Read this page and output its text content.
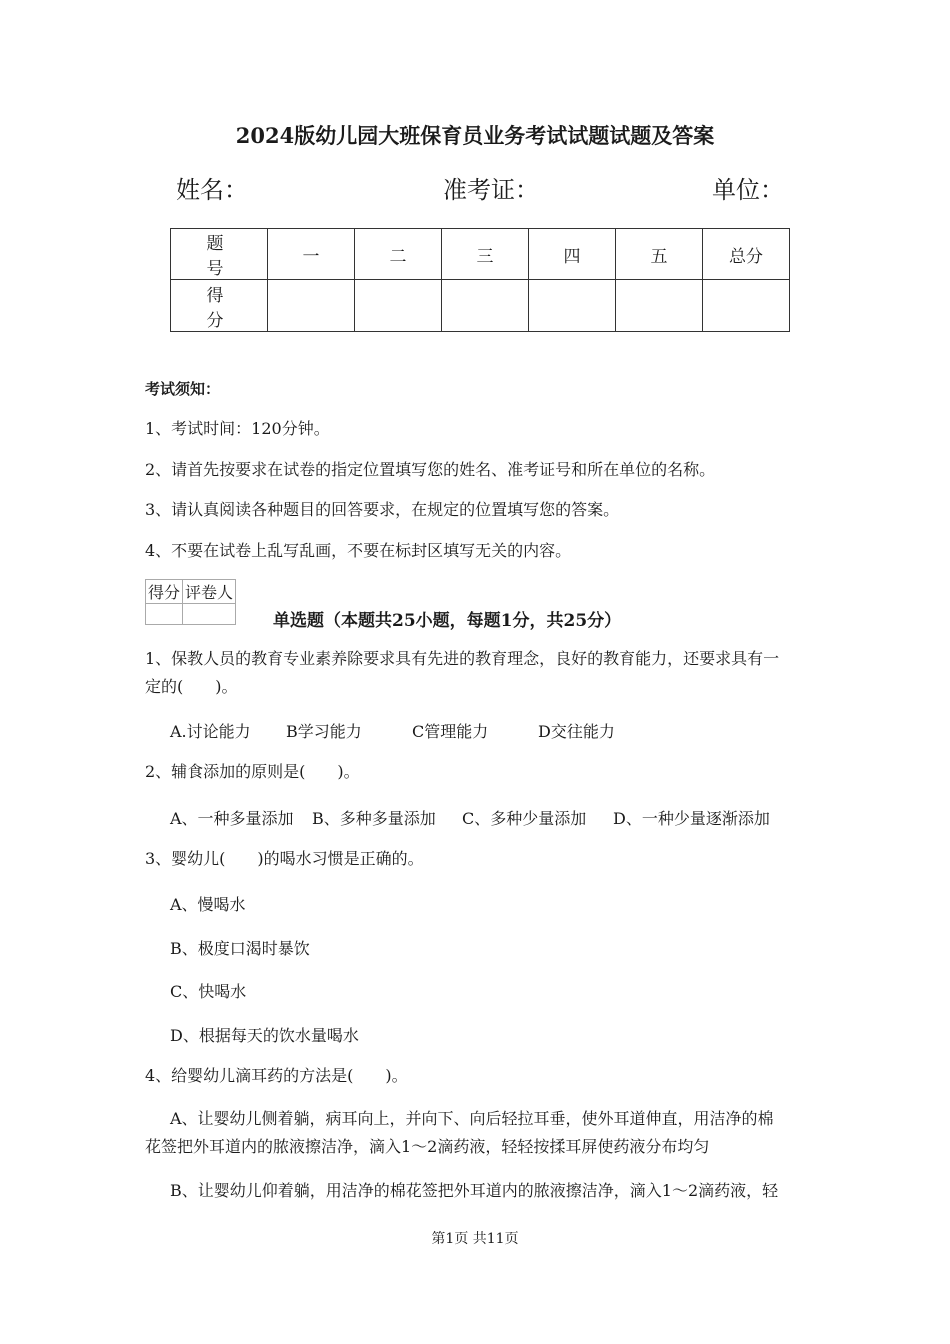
2024版幼儿园大班保育员业务考试试题试题及答案
姓名：	准考证：	单位：
题　号	一	二	三	四	五	总分
得　分						
考试须知：
1、考试时间：120分钟。
2、请首先按要求在试卷的指定位置填写您的姓名、准考证号和所在单位的名称。
3、请认真阅读各种题目的回答要求，在规定的位置填写您的答案。
4、不要在试卷上乱写乱画，不要在标封区填写无关的内容。
得分	评卷人

单选题（本题共25小题，每题1分，共25分）
1、保教人员的教育专业素养除要求具有先进的教育理念，良好的教育能力，还要求具有一
定的(　　)。
A.讨论能力 B学习能力	C管理能力	D交往能力
2、辅食添加的原则是(　　)。
A、一种多量添加 B、多种多量添加 C、多种少量添加 D、一种少量逐渐添加
3、婴幼儿(　　)的喝水习惯是正确的。
A、慢喝水
B、极度口渴时暴饮
C、快喝水
D、根据每天的饮水量喝水
4、给婴幼儿滴耳药的方法是(　　)。
A、让婴幼儿侧着躺，病耳向上，并向下、向后轻拉耳垂，使外耳道伸直，用洁净的棉
花签把外耳道内的脓液擦洁净，滴入1～2滴药液，轻轻按揉耳屏使药液分布均匀
B、让婴幼儿仰着躺，用洁净的棉花签把外耳道内的脓液擦洁净，滴入1～2滴药液，轻
第1页 共11页
